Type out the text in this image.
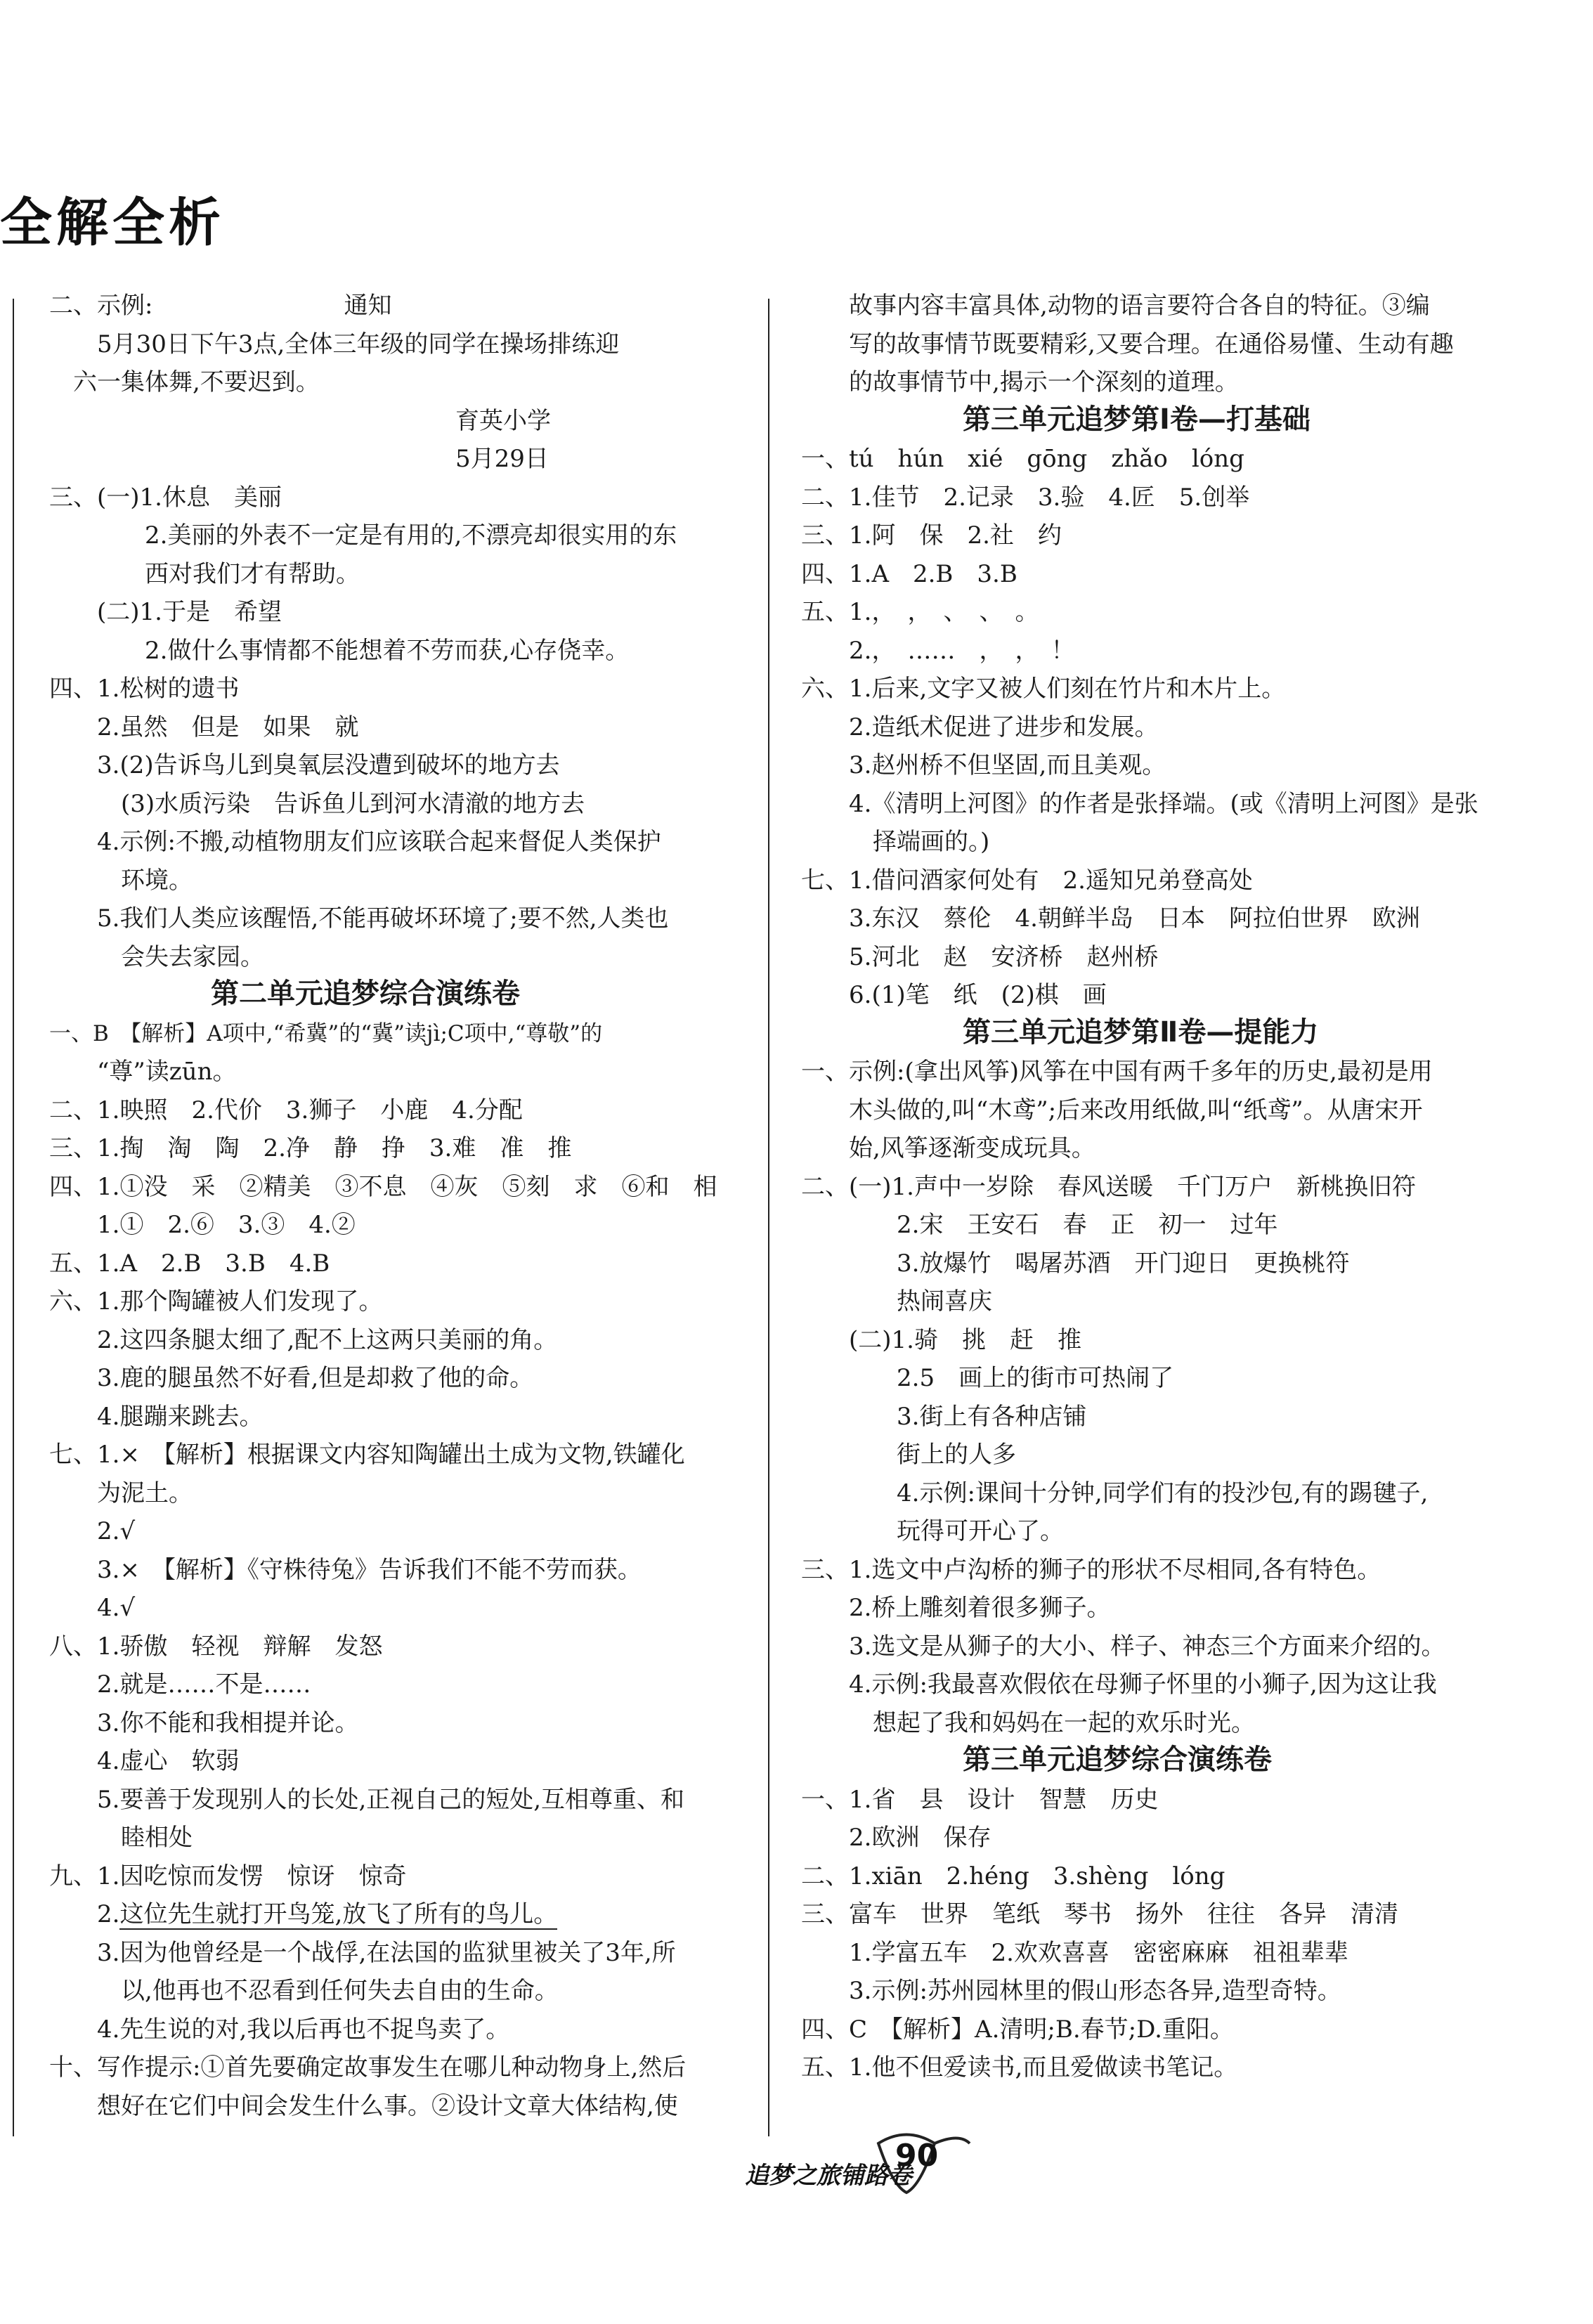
全解全析
二、示例:　　　　　　　　通知
　　5月30日下午3点,全体三年级的同学在操场排练迎
　六一集体舞,不要迟到。
　　　　　　　　　　　　　　　　　育英小学
　　　　　　　　　　　　　　　　　5月29日
三、(一)1.休息　美丽
　　　　2.美丽的外表不一定是有用的,不漂亮却很实用的东
　　　　西对我们才有帮助。
　　(二)1.于是　希望
　　　　2.做什么事情都不能想着不劳而获,心存侥幸。
四、1.松树的遗书
　　2.虽然　但是　如果　就
　　3.(2)告诉鸟儿到臭氧层没遭到破坏的地方去
　　　(3)水质污染　告诉鱼儿到河水清澈的地方去
　　4.示例:不搬,动植物朋友们应该联合起来督促人类保护
　　　环境。
　　5.我们人类应该醒悟,不能再破坏环境了;要不然,人类也
　　　会失去家园。
第二单元追梦综合演练卷
一、B　【解析】A项中,“希冀”的“冀”读jì;C项中,“尊敬”的
　　“尊”读zūn。
二、1.映照　2.代价　3.狮子　小鹿　4.分配
三、1.掏　淘　陶　2.净　静　挣　3.难　准　推
四、1.①没　采　②精美　③不息　④灰　⑤刻　求　⑥和　相
　　1.①　2.⑥　3.③　4.②
五、1.A　2.B　3.B　4.B
六、1.那个陶罐被人们发现了。
　　2.这四条腿太细了,配不上这两只美丽的角。
　　3.鹿的腿虽然不好看,但是却救了他的命。
　　4.腿蹦来跳去。
七、1.×　【解析】根据课文内容知陶罐出土成为文物,铁罐化
　　为泥土。
　　2.√
　　3.×　【解析】《守株待兔》告诉我们不能不劳而获。
　　4.√
八、1.骄傲　轻视　辩解　发怒
　　2.就是……不是……
　　3.你不能和我相提并论。
　　4.虚心　软弱
　　5.要善于发现别人的长处,正视自己的短处,互相尊重、和
　　　睦相处
九、1.因吃惊而发愣　惊讶　惊奇
　　2.这位先生就打开鸟笼,放飞了所有的鸟儿。
　　3.因为他曾经是一个战俘,在法国的监狱里被关了3年,所
　　　以,他再也不忍看到任何失去自由的生命。
　　4.先生说的对,我以后再也不捉鸟卖了。
十、写作提示:①首先要确定故事发生在哪儿种动物身上,然后
　　想好在它们中间会发生什么事。②设计文章大体结构,使
　　故事内容丰富具体,动物的语言要符合各自的特征。③编
　　写的故事情节既要精彩,又要合理。在通俗易懂、生动有趣
　　的故事情节中,揭示一个深刻的道理。
第三单元追梦第Ⅰ卷—打基础
一、tú　hún　xié　gōng　zhǎo　lóng
二、1.佳节　2.记录　3.验　4.匠　5.创举
三、1.阿　保　2.社　约
四、1.A　2.B　3.B
五、1.，　，　、　、　。
　　2.，　……　，　，　！
六、1.后来,文字又被人们刻在竹片和木片上。
　　2.造纸术促进了进步和发展。
　　3.赵州桥不但坚固,而且美观。
　　4.《清明上河图》的作者是张择端。(或《清明上河图》是张
　　　择端画的。)
七、1.借问酒家何处有　2.遥知兄弟登高处
　　3.东汉　蔡伦　4.朝鲜半岛　日本　阿拉伯世界　欧洲
　　5.河北　赵　安济桥　赵州桥
　　6.(1)笔　纸　(2)棋　画
第三单元追梦第Ⅱ卷—提能力
一、示例:(拿出风筝)风筝在中国有两千多年的历史,最初是用
　　木头做的,叫“木鸢”;后来改用纸做,叫“纸鸢”。从唐宋开
　　始,风筝逐渐变成玩具。
二、(一)1.声中一岁除　春风送暖　千门万户　新桃换旧符
　　　　2.宋　王安石　春　正　初一　过年
　　　　3.放爆竹　喝屠苏酒　开门迎日　更换桃符
　　　　热闹喜庆
　　(二)1.骑　挑　赶　推
　　　　2.5　画上的街市可热闹了
　　　　3.街上有各种店铺
　　　　街上的人多
　　　　4.示例:课间十分钟,同学们有的投沙包,有的踢毽子,
　　　　玩得可开心了。
三、1.选文中卢沟桥的狮子的形状不尽相同,各有特色。
　　2.桥上雕刻着很多狮子。
　　3.选文是从狮子的大小、样子、神态三个方面来介绍的。
　　4.示例:我最喜欢假依在母狮子怀里的小狮子,因为这让我
　　　想起了我和妈妈在一起的欢乐时光。
第三单元追梦综合演练卷
一、1.省　县　设计　智慧　历史
　　2.欧洲　保存
二、1.xiān　2.héng　3.shèng　lóng
三、富车　世界　笔纸　琴书　扬外　往往　各异　清清
　　1.学富五车　2.欢欢喜喜　密密麻麻　祖祖辈辈
　　3.示例:苏州园林里的假山形态各异,造型奇特。
四、C　【解析】A.清明;B.春节;D.重阳。
五、1.他不但爱读书,而且爱做读书笔记。
追梦之旅铺路卷
90
